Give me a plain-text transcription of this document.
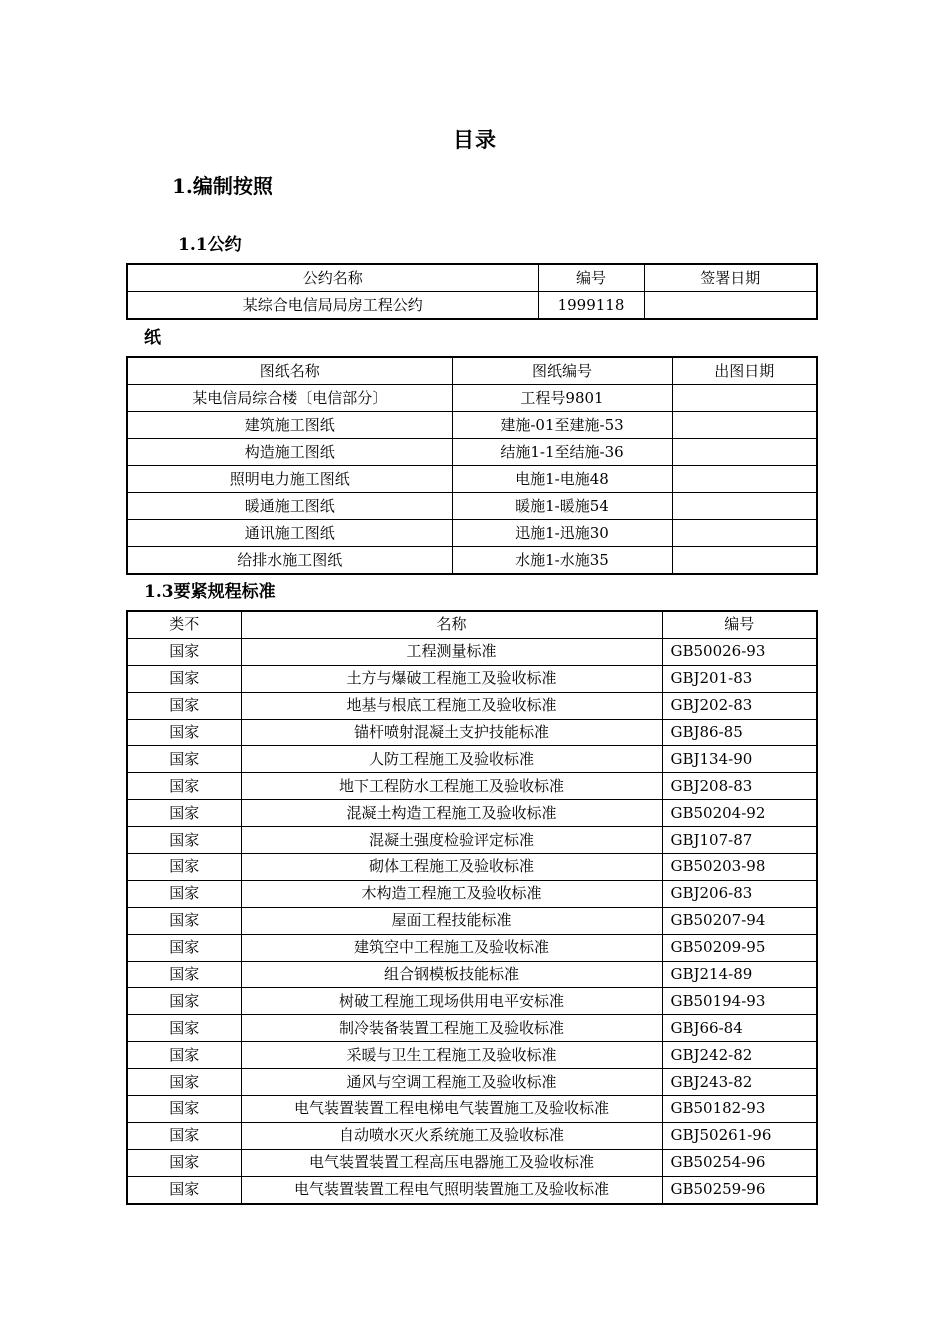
目录
1.编制按照
1.1公约
公约名称	编号	签署日期
某综合电信局局房工程公约	1999118	
纸
图纸名称	图纸编号	出图日期
某电信局综合楼〔电信部分〕	工程号9801	
建筑施工图纸	建施-01至建施-53	
构造施工图纸	结施1-1至结施-36	
照明电力施工图纸	电施1-电施48	
暖通施工图纸	暖施1-暖施54	
通讯施工图纸	迅施1-迅施30	
给排水施工图纸	水施1-水施35	
1.3要紧规程标准
类不	名称	编号
国家	工程测量标准	GB50026-93
国家	土方与爆破工程施工及验收标准	GBJ201-83
国家	地基与根底工程施工及验收标准	GBJ202-83
国家	锚杆喷射混凝土支护技能标准	GBJ86-85
国家	人防工程施工及验收标准	GBJ134-90
国家	地下工程防水工程施工及验收标准	GBJ208-83
国家	混凝土构造工程施工及验收标准	GB50204-92
国家	混凝土强度检验评定标准	GBJ107-87
国家	砌体工程施工及验收标准	GB50203-98
国家	木构造工程施工及验收标准	GBJ206-83
国家	屋面工程技能标准	GB50207-94
国家	建筑空中工程施工及验收标准	GB50209-95
国家	组合钢模板技能标准	GBJ214-89
国家	树破工程施工现场供用电平安标准	GB50194-93
国家	制冷装备装置工程施工及验收标准	GBJ66-84
国家	采暖与卫生工程施工及验收标准	GBJ242-82
国家	通风与空调工程施工及验收标准	GBJ243-82
国家	电气装置装置工程电梯电气装置施工及验收标准	GB50182-93
国家	自动喷水灭火系统施工及验收标准	GBJ50261-96
国家	电气装置装置工程高压电器施工及验收标准	GB50254-96
国家	电气装置装置工程电气照明装置施工及验收标准	GB50259-96
